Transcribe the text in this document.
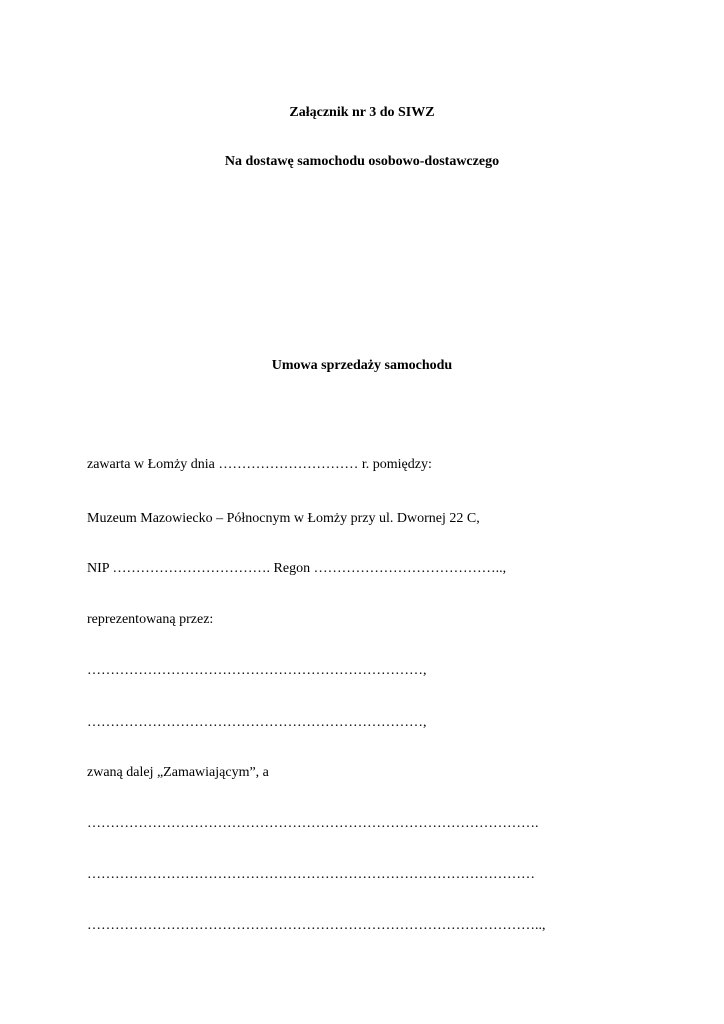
Załącznik nr 3 do SIWZ
Na dostawę samochodu osobowo-dostawczego
Umowa sprzedaży samochodu
zawarta w Łomży dnia ………………………… r. pomiędzy:
Muzeum Mazowiecko – Północnym w Łomży przy ul. Dwornej 22 C,
NIP ……………………………. Regon …………………………………..,
reprezentowaną przez:
………………………………………………………………,
………………………………………………………………,
zwaną dalej „Zamawiającym”, a
…………………………………………………………………………………….
……………………………………………………………………………………
……………………………………………………………………………………..,
